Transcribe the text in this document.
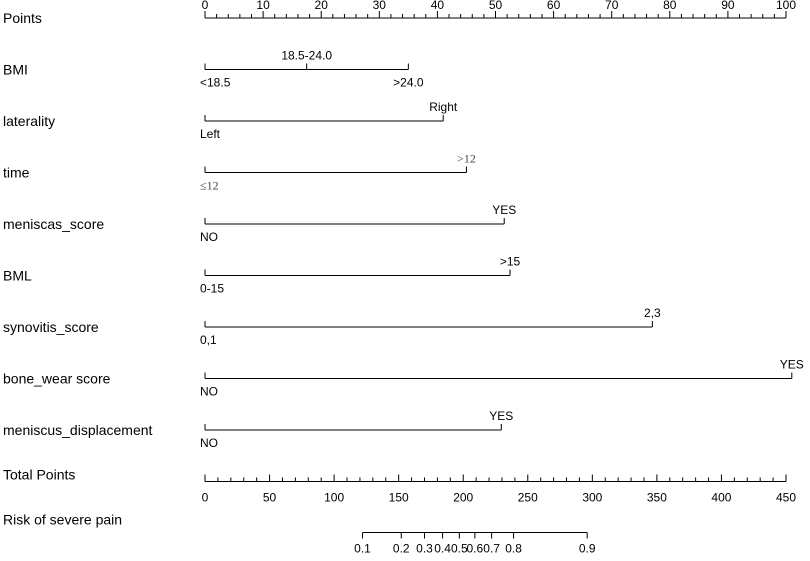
Points
0	10	20	30	40	50	60	70	80	90	100
BMI
<18.5
18.5-24.0
>24.0
laterality
Left
Right
time
≤12
>12
meniscas_score
NO
YES
BML
0-15
>15
synovitis_score
0,1
2,3
bone_wear score
NO
YES
meniscus_displacement
NO
YES
Total Points
0	50	100	150	200	250	300	350	400	450
Risk of severe pain
0.1 0.2 0.3 0.4 0.5
0.6 0.7 0.8	0.9
